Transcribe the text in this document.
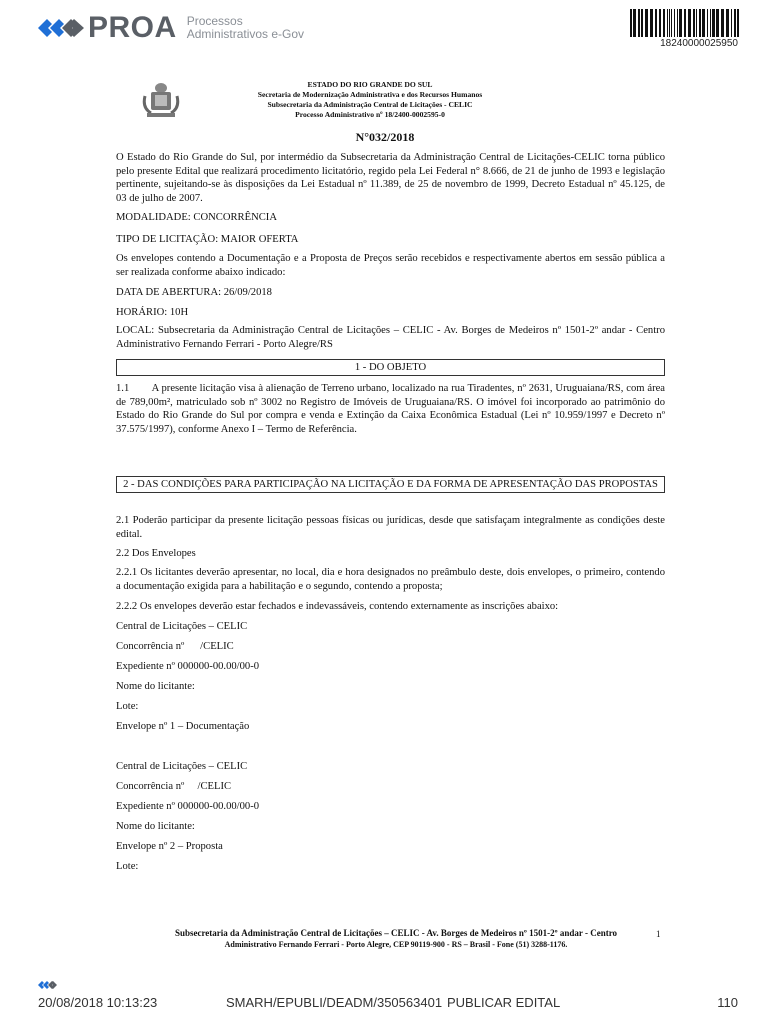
PROA Processos
Administrativos e-Gov
18240000025950
ESTADO DO RIO GRANDE DO SUL
Secretaria de Modernização Administrativa e dos Recursos Humanos
Subsecretaria da Administração Central de Licitações - CELIC
Processo Administrativo nº 18/2400-0002595-0
N°032/2018

O Estado do Rio Grande do Sul, por intermédio da Subsecretaria da Administração Central de Licitações-CELIC torna público pelo presente Edital que realizará procedimento licitatório, regido pela Lei Federal n° 8.666, de 21 de junho de 1993 e legislação pertinente, sujeitando-se às disposições da Lei Estadual nº 11.389, de 25 de novembro de 1999, Decreto Estadual nº 45.125, de 03 de julho de 2007.

MODALIDADE: CONCORRÊNCIA
TIPO DE LICITAÇÃO: MAIOR OFERTA

Os envelopes contendo a Documentação e a Proposta de Preços serão recebidos e respectivamente abertos em sessão pública a ser realizada conforme abaixo indicado:

DATA DE ABERTURA: 26/09/2018
HORÁRIO: 10H

LOCAL: Subsecretaria da Administração Central de Licitações – CELIC - Av. Borges de Medeiros nº 1501-2º andar - Centro Administrativo Fernando Ferrari - Porto Alegre/RS

1 - DO OBJETO

1.1        A presente licitação visa à alienação de Terreno urbano, localizado na rua Tiradentes, nº 2631, Uruguaiana/RS, com área de 789,00m², matriculado sob nº 3002 no Registro de Imóveis de Uruguaiana/RS. O imóvel foi incorporado ao patrimônio do Estado do Rio Grande do Sul por compra e venda e Extinção da Caixa Econômica Estadual (Lei nº 10.959/1997 e Decreto nº 37.575/1997), conforme Anexo I – Termo de Referência.

2 - DAS CONDIÇÕES PARA PARTICIPAÇÃO NA LICITAÇÃO E DA FORMA DE APRESENTAÇÃO DAS PROPOSTAS

2.1 Poderão participar da presente licitação pessoas físicas ou jurídicas, desde que satisfaçam integralmente as condições deste edital.

2.2 Dos Envelopes

2.2.1 Os licitantes deverão apresentar, no local, dia e hora designados no preâmbulo deste, dois envelopes, o primeiro, contendo a documentação exigida para a habilitação e o segundo, contendo a proposta;

2.2.2 Os envelopes deverão estar fechados e indevassáveis, contendo externamente as inscrições abaixo:
Central de Licitações – CELIC
Concorrência nº      /CELIC
Expediente nº 000000-00.00/00-0
Nome do licitante:
Lote:
Envelope nº 1 – Documentação
Central de Licitações – CELIC
Concorrência nº     /CELIC
Expediente nº 000000-00.00/00-0
Nome do licitante:
Envelope nº 2 – Proposta
Lote:
Subsecretaria da Administração Central de Licitações – CELIC - Av. Borges de Medeiros nº 1501-2º andar - Centro
Administrativo Fernando Ferrari - Porto Alegre, CEP 90119-900 - RS – Brasil - Fone (51) 3288-1176.
1
20/08/2018 10:13:23	SMARH/EPUBLI/DEADM/350563401 PUBLICAR EDITAL	110
